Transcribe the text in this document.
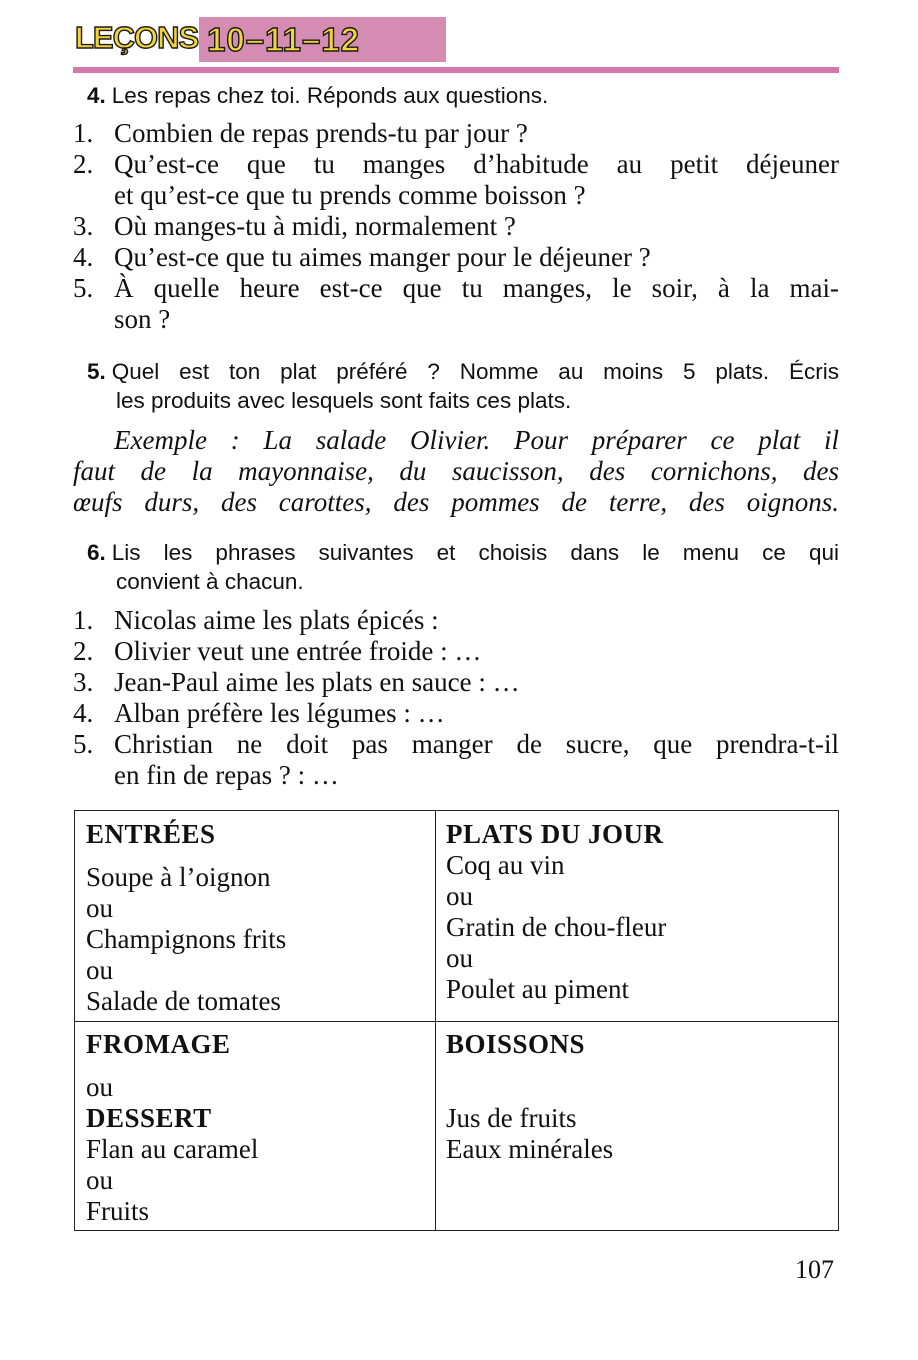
LEÇONS 10–11–12
4. Les repas chez toi. Réponds aux questions.
1. Combien de repas prends-tu par jour ?
2. Qu’est-ce que tu manges d’habitude au petit déjeuner
et qu’est-ce que tu prends comme boisson ?
3. Où manges-tu à midi, normalement ?
4. Qu’est-ce que tu aimes manger pour le déjeuner ?
5. À quelle heure est-ce que tu manges, le soir, à la mai-
son ?
5. Quel est ton plat préféré ? Nomme au moins 5 plats. Écris
les produits avec lesquels sont faits ces plats.
Exemple : La salade Olivier. Pour préparer ce plat il
faut de la mayonnaise, du saucisson, des cornichons, des
œufs durs, des carottes, des pommes de terre, des oignons.
6. Lis les phrases suivantes et choisis dans le menu ce qui
convient à chacun.
1. Nicolas aime les plats épicés :
2. Olivier veut une entrée froide : …
3. Jean-Paul aime les plats en sauce : …
4. Alban préfère les légumes : …
5. Christian ne doit pas manger de sucre, que prendra-t-il
en fin de repas ? : …
ENTRÉES
Soupe à l’oignon
ou
Champignons frits
ou
Salade de tomates
PLATS DU JOUR
Coq au vin
ou
Gratin de chou-fleur
ou
Poulet au piment
FROMAGE
ou
DESSERT
Flan au caramel
ou
Fruits
BOISSONS
Jus de fruits
Eaux minérales
107
